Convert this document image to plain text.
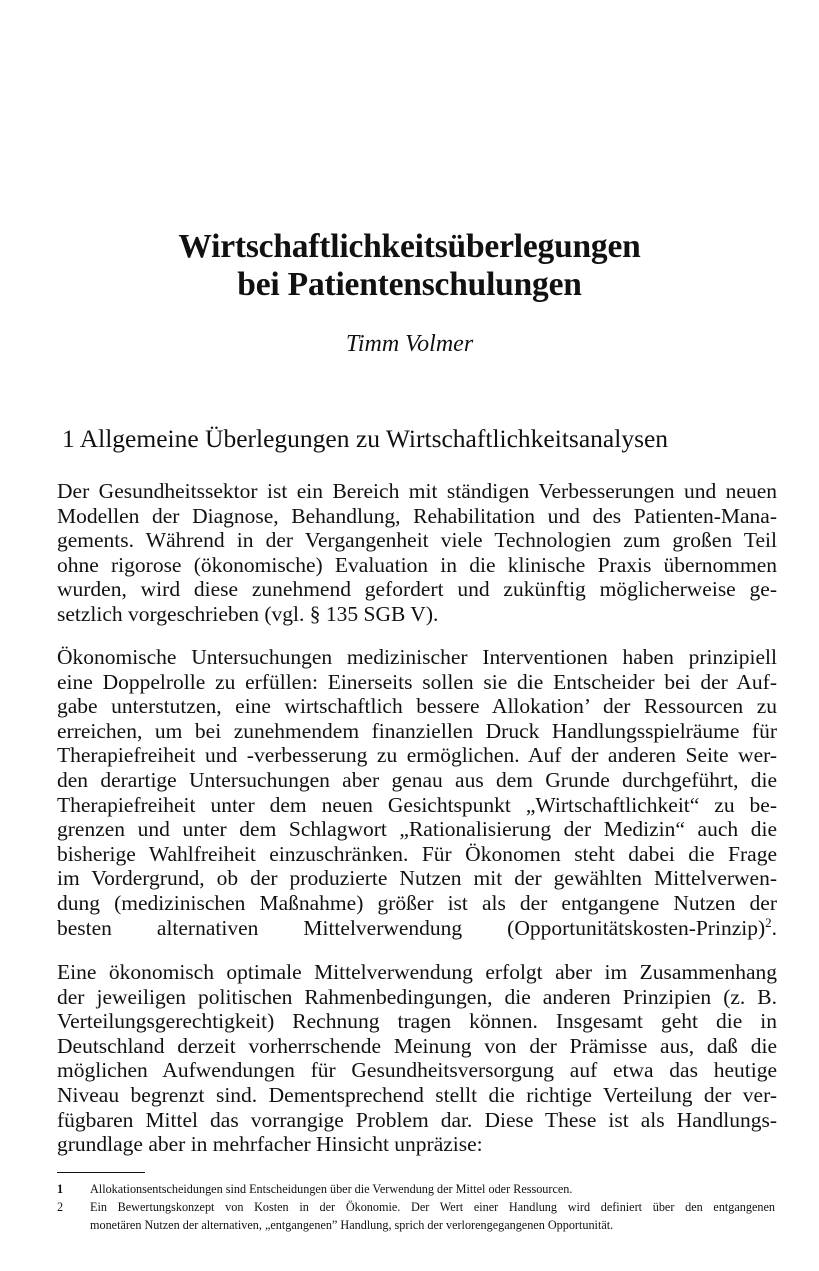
Wirtschaftlichkeitsüberlegungen
bei Patientenschulungen
Timm Volmer
1 Allgemeine Überlegungen zu Wirtschaftlichkeitsanalysen
Der Gesundheitssektor ist ein Bereich mit ständigen Verbesserungen und neuen
Modellen der Diagnose, Behandlung, Rehabilitation und des Patienten-Mana-
gements. Während in der Vergangenheit viele Technologien zum großen Teil
ohne rigorose (ökonomische) Evaluation in die klinische Praxis übernommen
wurden, wird diese zunehmend gefordert und zukünftig möglicherweise ge-
setzlich vorgeschrieben (vgl. § 135 SGB V).
Ökonomische Untersuchungen medizinischer Interventionen haben prinzipiell
eine Doppelrolle zu erfüllen: Einerseits sollen sie die Entscheider bei der Auf-
gabe unterstutzen, eine wirtschaftlich bessere Allokation’ der Ressourcen zu
erreichen, um bei zunehmendem finanziellen Druck Handlungsspielräume für
Therapiefreiheit und -verbesserung zu ermöglichen. Auf der anderen Seite wer-
den derartige Untersuchungen aber genau aus dem Grunde durchgeführt, die
Therapiefreiheit unter dem neuen Gesichtspunkt „Wirtschaftlichkeit“ zu be-
grenzen und unter dem Schlagwort „Rationalisierung der Medizin“ auch die
bisherige Wahlfreiheit einzuschränken. Für Ökonomen steht dabei die Frage
im Vordergrund, ob der produzierte Nutzen mit der gewählten Mittelverwen-
dung (medizinischen Maßnahme) größer ist als der entgangene Nutzen der
besten alternativen Mittelverwendung (Opportunitätskosten-Prinzip)$^2$.
Eine ökonomisch optimale Mittelverwendung erfolgt aber im Zusammenhang
der jeweiligen politischen Rahmenbedingungen, die anderen Prinzipien (z. B.
Verteilungsgerechtigkeit) Rechnung tragen können. Insgesamt geht die in
Deutschland derzeit vorherrschende Meinung von der Prämisse aus, daß die
möglichen Aufwendungen für Gesundheitsversorgung auf etwa das heutige
Niveau begrenzt sind. Dementsprechend stellt die richtige Verteilung der ver-
fügbaren Mittel das vorrangige Problem dar. Diese These ist als Handlungs-
grundlage aber in mehrfacher Hinsicht unpräzise:
1 Allokationsentscheidungen sind Entscheidungen über die Verwendung der Mittel oder Ressourcen.
2 Ein Bewertungskonzept von Kosten in der Ökonomie. Der Wert einer Handlung wird definiert über den entgangenen
monetären Nutzen der alternativen, „entgangenen” Handlung, sprich der verlorengegangenen Opportunität.
